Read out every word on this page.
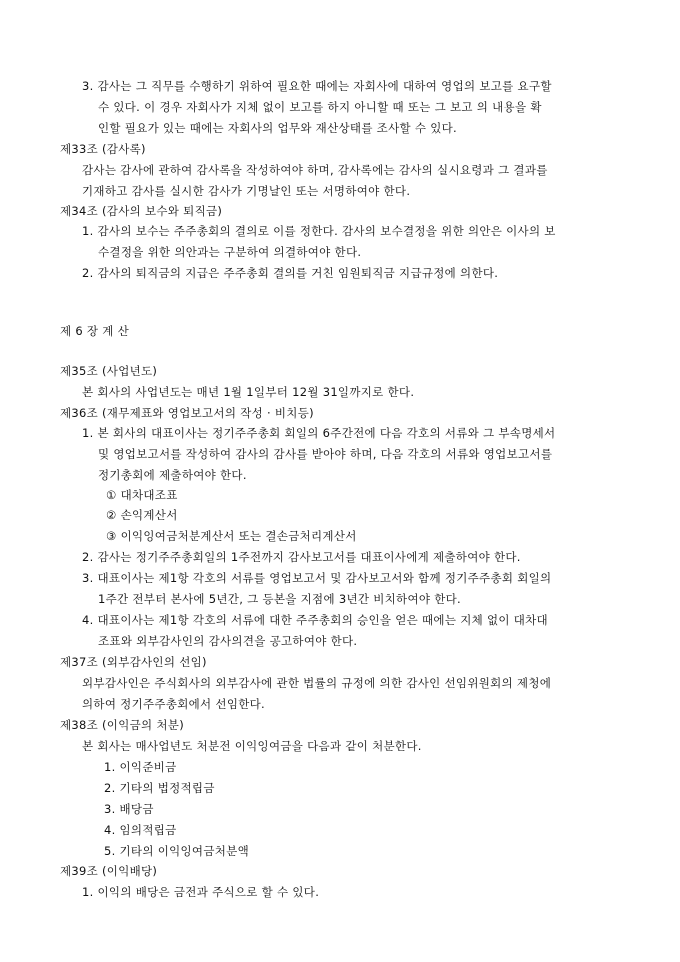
3. 감사는 그 직무를 수행하기 위하여 필요한 때에는 자회사에 대하여 영업의 보고를 요구할
수 있다. 이 경우 자회사가 지체 없이 보고를 하지 아니할 때 또는 그 보고 의 내용을 확
인할 필요가 있는 때에는 자회사의 업무와 재산상태를 조사할 수 있다.
제33조 (감사록)
감사는 감사에 관하여 감사록을 작성하여야 하며, 감사록에는 감사의 실시요령과 그 결과를
기재하고 감사를 실시한 감사가 기명날인 또는 서명하여야 한다.
제34조 (감사의 보수와 퇴직금)
1. 감사의 보수는 주주총회의 결의로 이를 정한다. 감사의 보수결정을 위한 의안은 이사의 보
수결정을 위한 의안과는 구분하여 의결하여야 한다.
2. 감사의 퇴직금의 지급은 주주총회 결의를 거친 임원퇴직금 지급규정에 의한다.
제 6 장 계 산
제35조 (사업년도)
본 회사의 사업년도는 매년 1월 1일부터 12월 31일까지로 한다.
제36조 (재무제표와 영업보고서의 작성 · 비치등)
1. 본 회사의 대표이사는 정기주주총회 회일의 6주간전에 다음 각호의 서류와 그 부속명세서
및 영업보고서를 작성하여 감사의 감사를 받아야 하며, 다음 각호의 서류와 영업보고서를
정기총회에 제출하여야 한다.
① 대차대조표
② 손익계산서
③ 이익잉여금처분계산서 또는 결손금처리계산서
2. 감사는 정기주주총회일의 1주전까지 감사보고서를 대표이사에게 제출하여야 한다.
3. 대표이사는 제1항 각호의 서류를 영업보고서 및 감사보고서와 함께 정기주주총회 회일의
1주간 전부터 본사에 5년간, 그 등본을 지점에 3년간 비치하여야 한다.
4. 대표이사는 제1항 각호의 서류에 대한 주주총회의 승인을 얻은 때에는 지체 없이 대차대
조표와 외부감사인의 감사의견을 공고하여야 한다.
제37조 (외부감사인의 선임)
외부감사인은 주식회사의 외부감사에 관한 법률의 규정에 의한 감사인 선임위원회의 제청에
의하여 정기주주총회에서 선임한다.
제38조 (이익금의 처분)
본 회사는 매사업년도 처분전 이익잉여금을 다음과 같이 처분한다.
1. 이익준비금
2. 기타의 법정적립금
3. 배당금
4. 임의적립금
5. 기타의 이익잉여금처분액
제39조 (이익배당)
1. 이익의 배당은 금전과 주식으로 할 수 있다.
